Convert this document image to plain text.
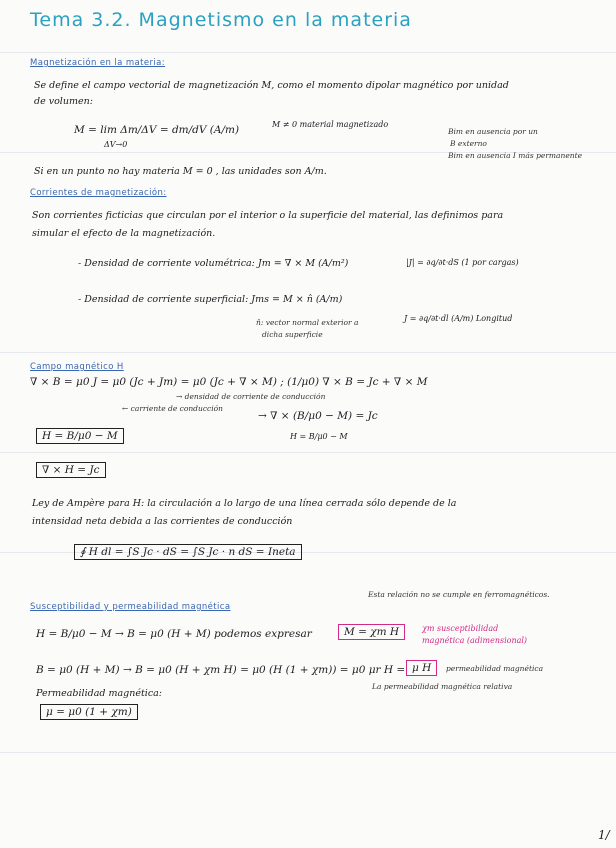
Tema 3.2. Magnetismo en la materia
Magnetización en la materia:
Se define el campo vectorial de magnetización M, como el momento dipolar magnético por unidad
de volumen:
M = lim Δm/ΔV = dm/dV (A/m)
ΔV→0
M ≠ 0 material magnetizado
Bim en ausencia por un
B externo
Bim en ausencia I más permanente
Si en un punto no hay materia M = 0 , las unidades son A/m.
Corrientes de magnetización:
Son corrientes ficticias que circulan por el interior o la superficie del material, las definimos para
simular el efecto de la magnetización.
- Densidad de corriente volumétrica: Jm = ∇ × M (A/m²)	|J| = ∂q/∂t·dS (1 por cargas)
- Densidad de corriente superficial: Jms = M × n̂ (A/m)
n̂: vector normal exterior a
dicha superficie
J = ∂q/∂t·dl (A/m) Longitud
Campo magnético H
∇ × B = μ0 J = μ0 (Jc + Jm) = μ0 (Jc + ∇ × M) ; (1/μ0) ∇ × B = Jc + ∇ × M
→ densidad de corriente de conducción
← carriente de conducción
→ ∇ × (B/μ0 − M) = Jc
H = B/μ0 − M
H = B/μ0 − M
∇ × H = Jc
Ley de Ampère para H: la circulación a lo largo de una línea cerrada sólo depende de la
intensidad neta debida a las corrientes de conducción
∮ H dl = ∫S Jc · dS = ∫S Jc · n dS = Ineta
Susceptibilidad y permeabilidad magnética
Esta relación no se cumple en ferromagnéticos.
H = B/μ0 − M → B = μ0 (H + M) podemos expresar	M = χm H	χm susceptibilidad
magnética (adimensional)
B = μ0 (H + M) → B = μ0 (H + χm H) = μ0 (H (1 + χm)) = μ0 μr H = μ H	permeabilidad magnética
La permeabilidad magnética relativa
Permeabilidad magnética:
μ = μ0 (1 + χm)
1/
